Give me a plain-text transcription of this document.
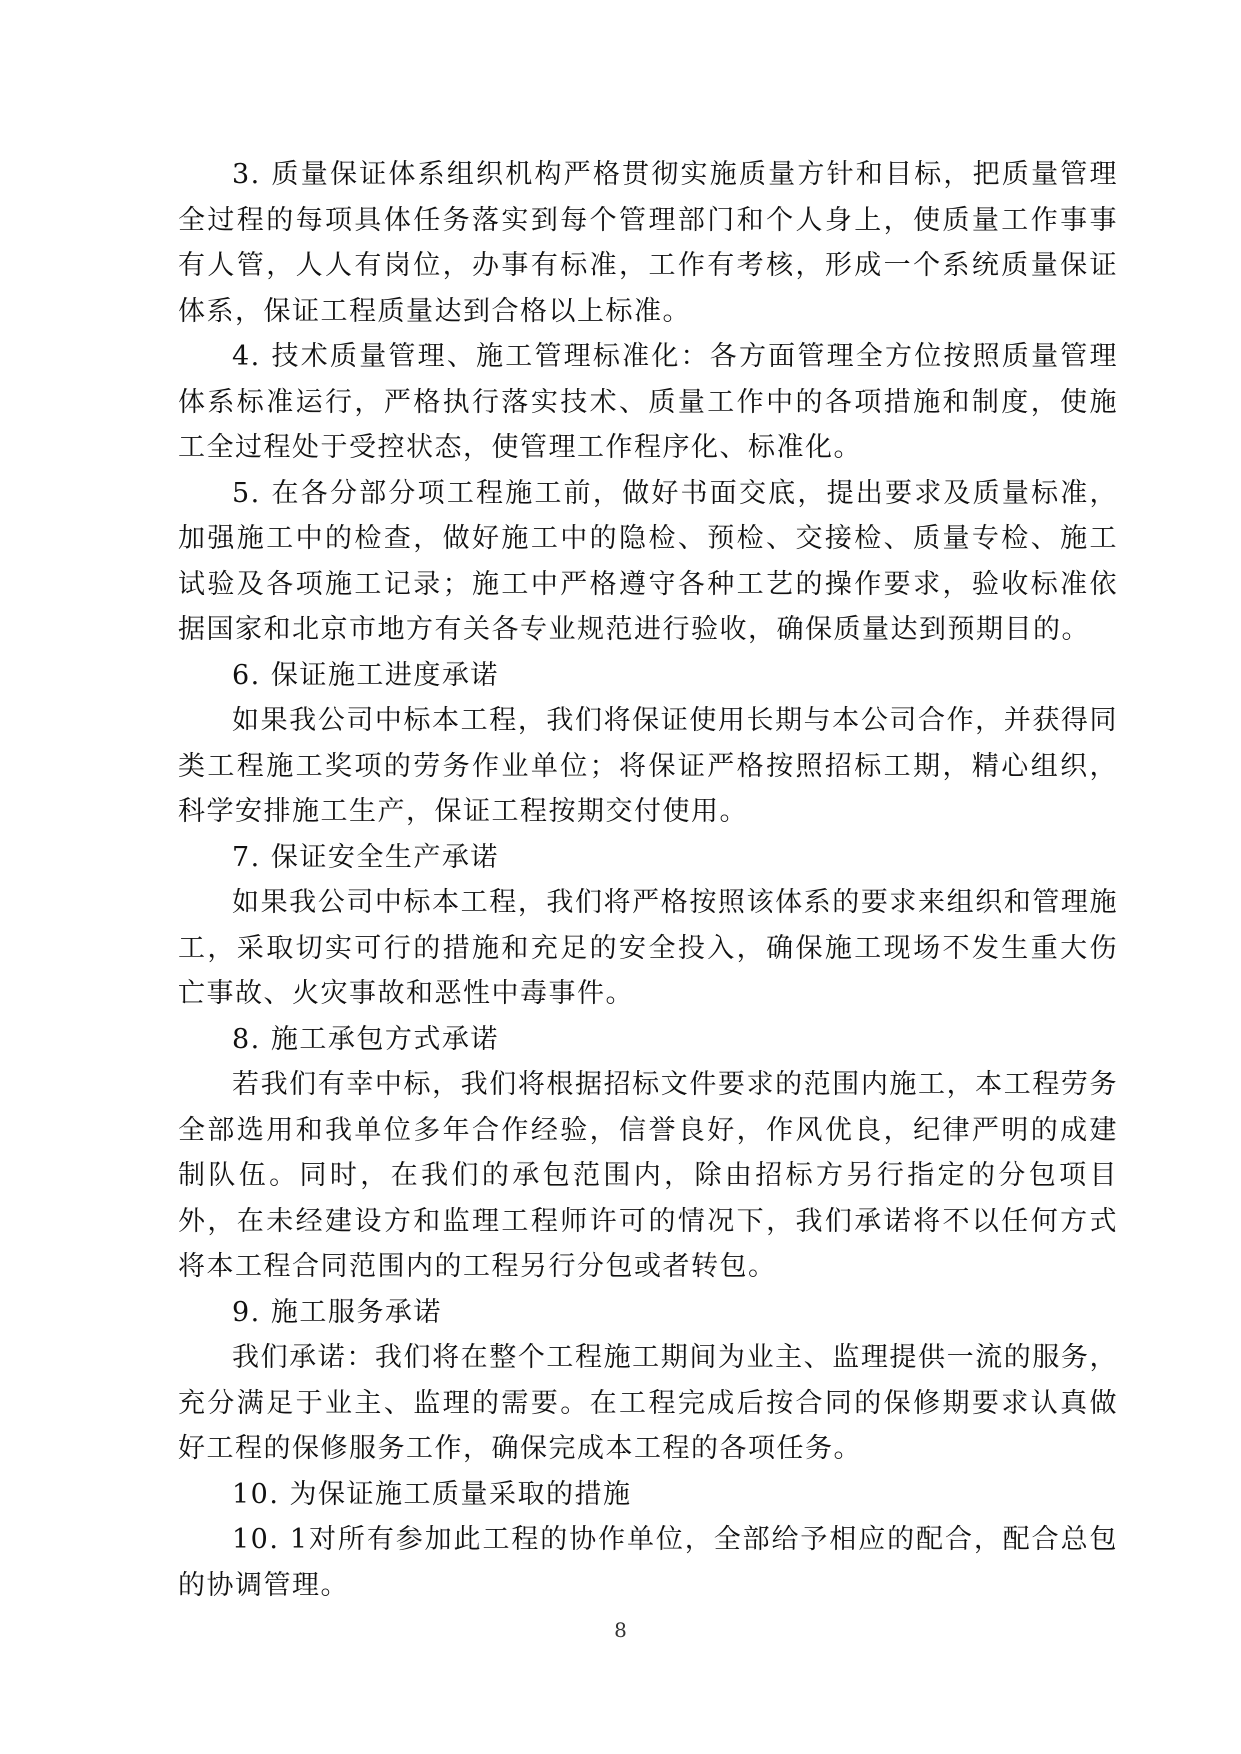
3. 质量保证体系组织机构严格贯彻实施质量方针和目标，把质量管理全过程的每项具体任务落实到每个管理部门和个人身上，使质量工作事事有人管，人人有岗位，办事有标准，工作有考核，形成一个系统质量保证体系，保证工程质量达到合格以上标准。

4. 技术质量管理、施工管理标准化：各方面管理全方位按照质量管理体系标准运行，严格执行落实技术、质量工作中的各项措施和制度，使施工全过程处于受控状态，使管理工作程序化、标准化。

5. 在各分部分项工程施工前，做好书面交底，提出要求及质量标准，加强施工中的检查，做好施工中的隐检、预检、交接检、质量专检、施工试验及各项施工记录；施工中严格遵守各种工艺的操作要求，验收标准依据国家和北京市地方有关各专业规范进行验收，确保质量达到预期目的。

6. 保证施工进度承诺

如果我公司中标本工程，我们将保证使用长期与本公司合作，并获得同类工程施工奖项的劳务作业单位；将保证严格按照招标工期，精心组织，科学安排施工生产，保证工程按期交付使用。

7. 保证安全生产承诺

如果我公司中标本工程，我们将严格按照该体系的要求来组织和管理施工，采取切实可行的措施和充足的安全投入，确保施工现场不发生重大伤亡事故、火灾事故和恶性中毒事件。

8. 施工承包方式承诺

若我们有幸中标，我们将根据招标文件要求的范围内施工，本工程劳务全部选用和我单位多年合作经验，信誉良好，作风优良，纪律严明的成建制队伍。同时，在我们的承包范围内，除由招标方另行指定的分包项目外，在未经建设方和监理工程师许可的情况下，我们承诺将不以任何方式将本工程合同范围内的工程另行分包或者转包。

9. 施工服务承诺

我们承诺：我们将在整个工程施工期间为业主、监理提供一流的服务，充分满足于业主、监理的需要。在工程完成后按合同的保修期要求认真做好工程的保修服务工作，确保完成本工程的各项任务。

10. 为保证施工质量采取的措施

10. 1对所有参加此工程的协作单位，全部给予相应的配合，配合总包的协调管理。

8
